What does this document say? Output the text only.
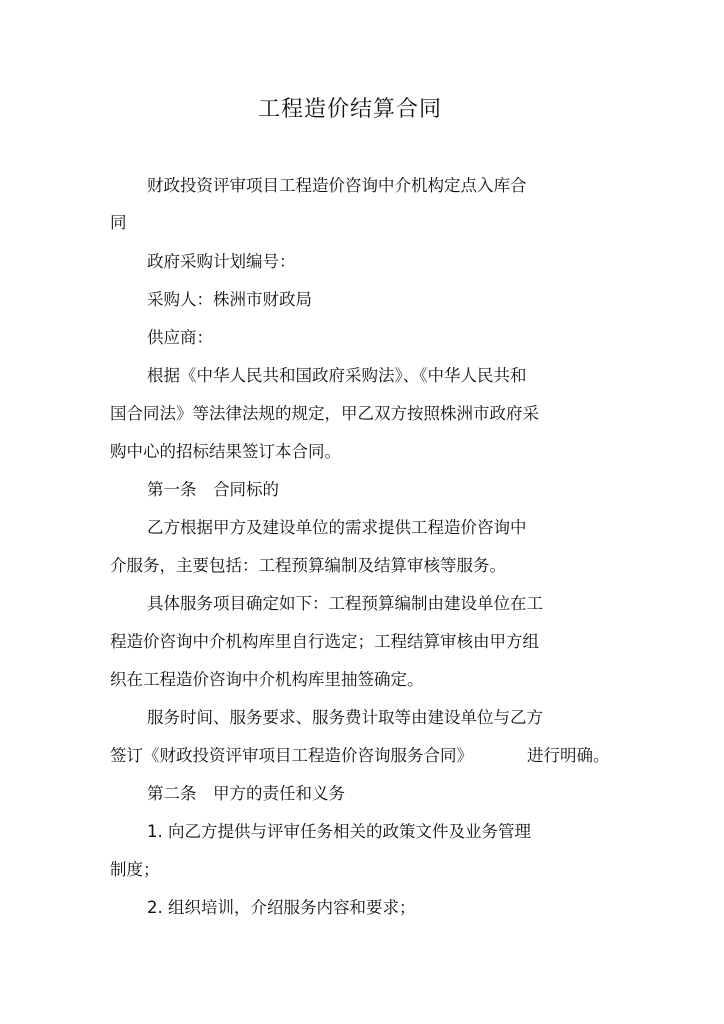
工程造价结算合同
财政投资评审项目工程造价咨询中介机构定点入库合
同
政府采购计划编号：
采购人：株洲市财政局
供应商：
根据《中华人民共和国政府采购法》、《中华人民共和
国合同法》等法律法规的规定，甲乙双方按照株洲市政府采
购中心的招标结果签订本合同。
第一条　合同标的
乙方根据甲方及建设单位的需求提供工程造价咨询中
介服务，主要包括：工程预算编制及结算审核等服务。
具体服务项目确定如下：工程预算编制由建设单位在工
程造价咨询中介机构库里自行选定；工程结算审核由甲方组
织在工程造价咨询中介机构库里抽签确定。
服务时间、服务要求、服务费计取等由建设单位与乙方
签订《财政投资评审项目工程造价咨询服务合同》	进行明确。
第二条　甲方的责任和义务
1. 向乙方提供与评审任务相关的政策文件及业务管理
制度；
2. 组织培训，介绍服务内容和要求；
